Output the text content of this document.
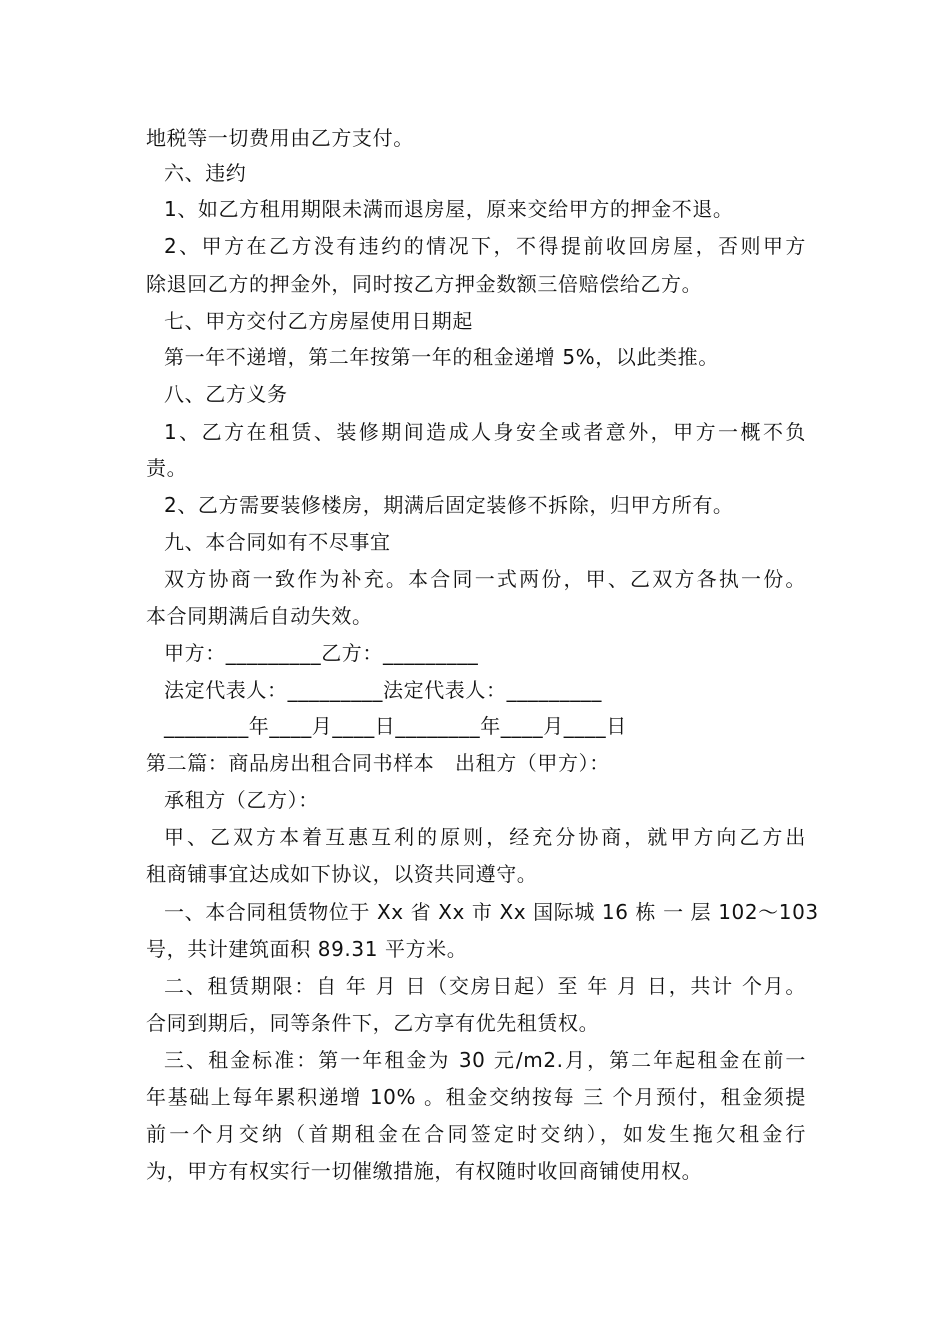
地税等一切费用由乙方支付。
六、违约
1、如乙方租用期限未满而退房屋，原来交给甲方的押金不退。
2、甲方在乙方没有违约的情况下，不得提前收回房屋，否则甲方
除退回乙方的押金外，同时按乙方押金数额三倍赔偿给乙方。
七、甲方交付乙方房屋使用日期起
第一年不递增，第二年按第一年的租金递增 5%，以此类推。
八、乙方义务
1、乙方在租赁、装修期间造成人身安全或者意外，甲方一概不负
责。
2、乙方需要装修楼房，期满后固定装修不拆除，归甲方所有。
九、本合同如有不尽事宜
双方协商一致作为补充。本合同一式两份，甲、乙双方各执一份。
本合同期满后自动失效。
甲方：_________乙方：_________
法定代表人：_________法定代表人：_________
________年____月____日________年____月____日
第二篇：商品房出租合同书样本　出租方（甲方）：
承租方（乙方）：
甲、乙双方本着互惠互利的原则，经充分协商，就甲方向乙方出
租商铺事宜达成如下协议，以资共同遵守。
一、本合同租赁物位于 Xx 省 Xx 市 Xx 国际城 16 栋 一 层 102～103
号，共计建筑面积 89.31 平方米。
二、租赁期限：自 年 月 日（交房日起）至 年 月 日，共计 个月。
合同到期后，同等条件下，乙方享有优先租赁权。
三、租金标准：第一年租金为 30 元/m2.月，第二年起租金在前一
年基础上每年累积递增 10% 。租金交纳按每 三 个月预付，租金须提
前一个月交纳（首期租金在合同签定时交纳），如发生拖欠租金行
为，甲方有权实行一切催缴措施，有权随时收回商铺使用权。
